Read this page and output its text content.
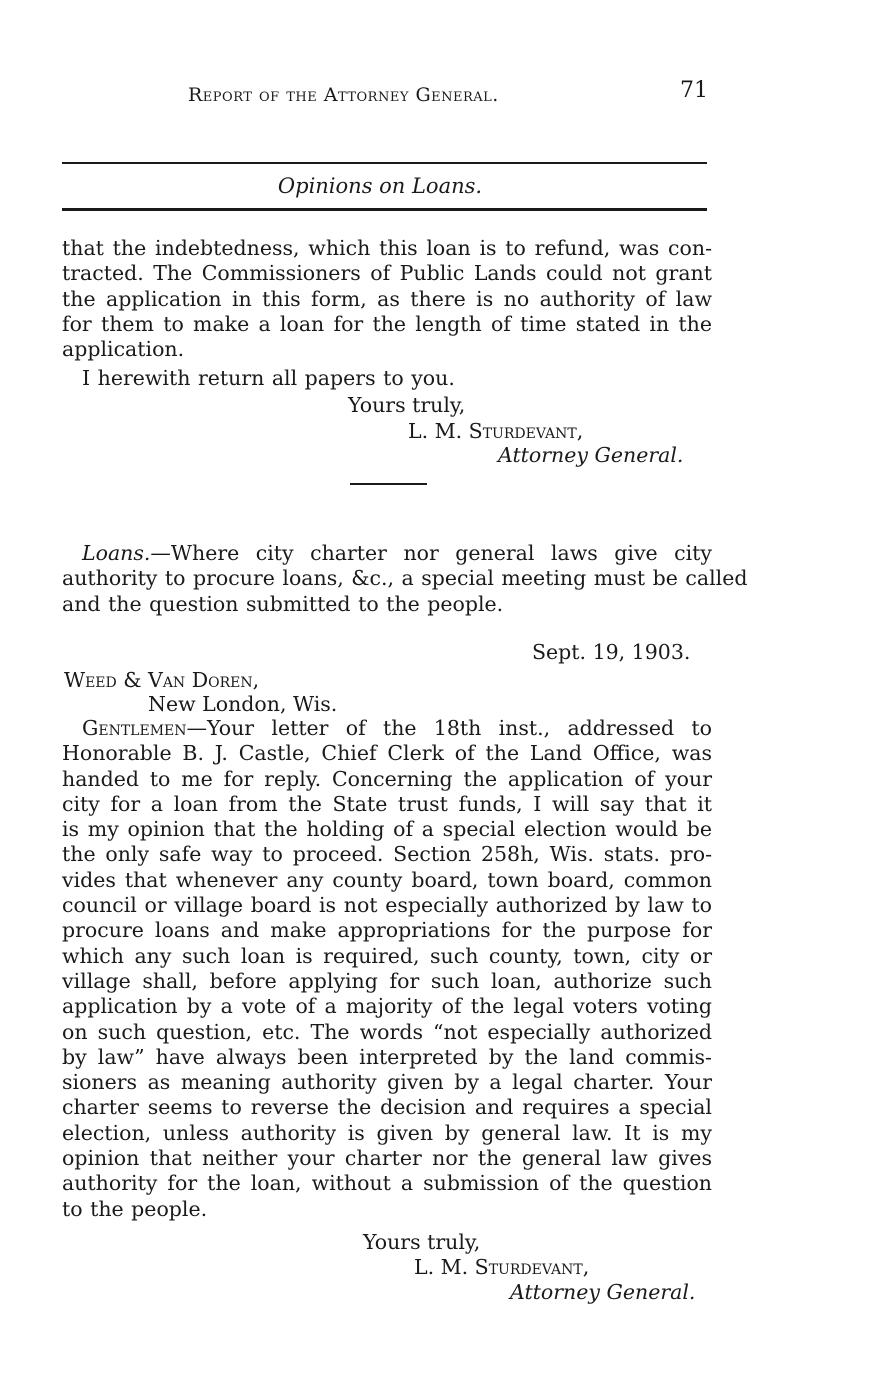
Report of the Attorney General.	71
Opinions on Loans.
that the indebtedness, which this loan is to refund, was con-
tracted. The Commissioners of Public Lands could not grant
the application in this form, as there is no authority of law
for them to make a loan for the length of time stated in the
application.
I herewith return all papers to you.
Yours truly,
L. M. Sturdevant,
Attorney General.
Loans.—Where city charter nor general laws give city
authority to procure loans, &c., a special meeting must be called
and the question submitted to the people.
Sept. 19, 1903.
Weed & Van Doren,
New London, Wis.
Gentlemen—Your letter of the 18th inst., addressed to
Honorable B. J. Castle, Chief Clerk of the Land Office, was
handed to me for reply. Concerning the application of your
city for a loan from the State trust funds, I will say that it
is my opinion that the holding of a special election would be
the only safe way to proceed. Section 258h, Wis. stats. pro-
vides that whenever any county board, town board, common
council or village board is not especially authorized by law to
procure loans and make appropriations for the purpose for
which any such loan is required, such county, town, city or
village shall, before applying for such loan, authorize such
application by a vote of a majority of the legal voters voting
on such question, etc. The words “not especially authorized
by law” have always been interpreted by the land commis-
sioners as meaning authority given by a legal charter. Your
charter seems to reverse the decision and requires a special
election, unless authority is given by general law. It is my
opinion that neither your charter nor the general law gives
authority for the loan, without a submission of the question
to the people.
Yours truly,
L. M. Sturdevant,
Attorney General.
